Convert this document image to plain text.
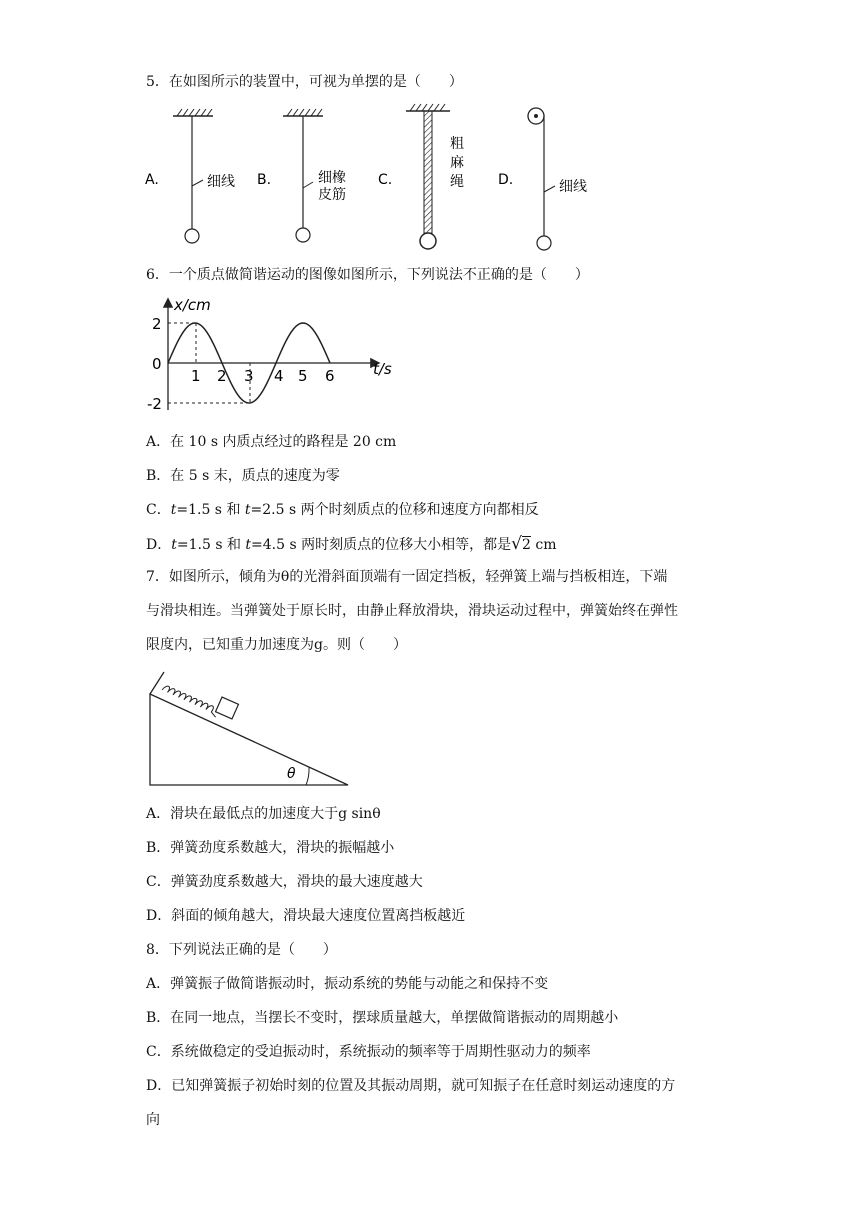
5．在如图所示的装置中，可视为单摆的是（　　）
A.	细线 B.	细橡
皮筋
C.
粗
麻
绳 D.	细线
6．一个质点做简谐运动的图像如图所示，下列说法不正确的是（　　）
x/cm
t/s
2
0
-2
1 2 3 4 5 6
A．在 10 s 内质点经过的路程是 20 cm
B．在 5 s 末，质点的速度为零
C．t=1.5 s 和 t=2.5 s 两个时刻质点的位移和速度方向都相反
D．t=1.5 s 和 t=4.5 s 两时刻质点的位移大小相等，都是√2 cm
7．如图所示，倾角为θ的光滑斜面顶端有一固定挡板，轻弹簧上端与挡板相连，下端
与滑块相连。当弹簧处于原长时，由静止释放滑块，滑块运动过程中，弹簧始终在弹性
限度内，已知重力加速度为g。则（　　）
θ
A．滑块在最低点的加速度大于g sinθ
B．弹簧劲度系数越大，滑块的振幅越小
C．弹簧劲度系数越大，滑块的最大速度越大
D．斜面的倾角越大，滑块最大速度位置离挡板越近
8．下列说法正确的是（　　）
A．弹簧振子做简谐振动时，振动系统的势能与动能之和保持不变
B．在同一地点，当摆长不变时，摆球质量越大，单摆做简谐振动的周期越小
C．系统做稳定的受迫振动时，系统振动的频率等于周期性驱动力的频率
D．已知弹簧振子初始时刻的位置及其振动周期，就可知振子在任意时刻运动速度的方
向
